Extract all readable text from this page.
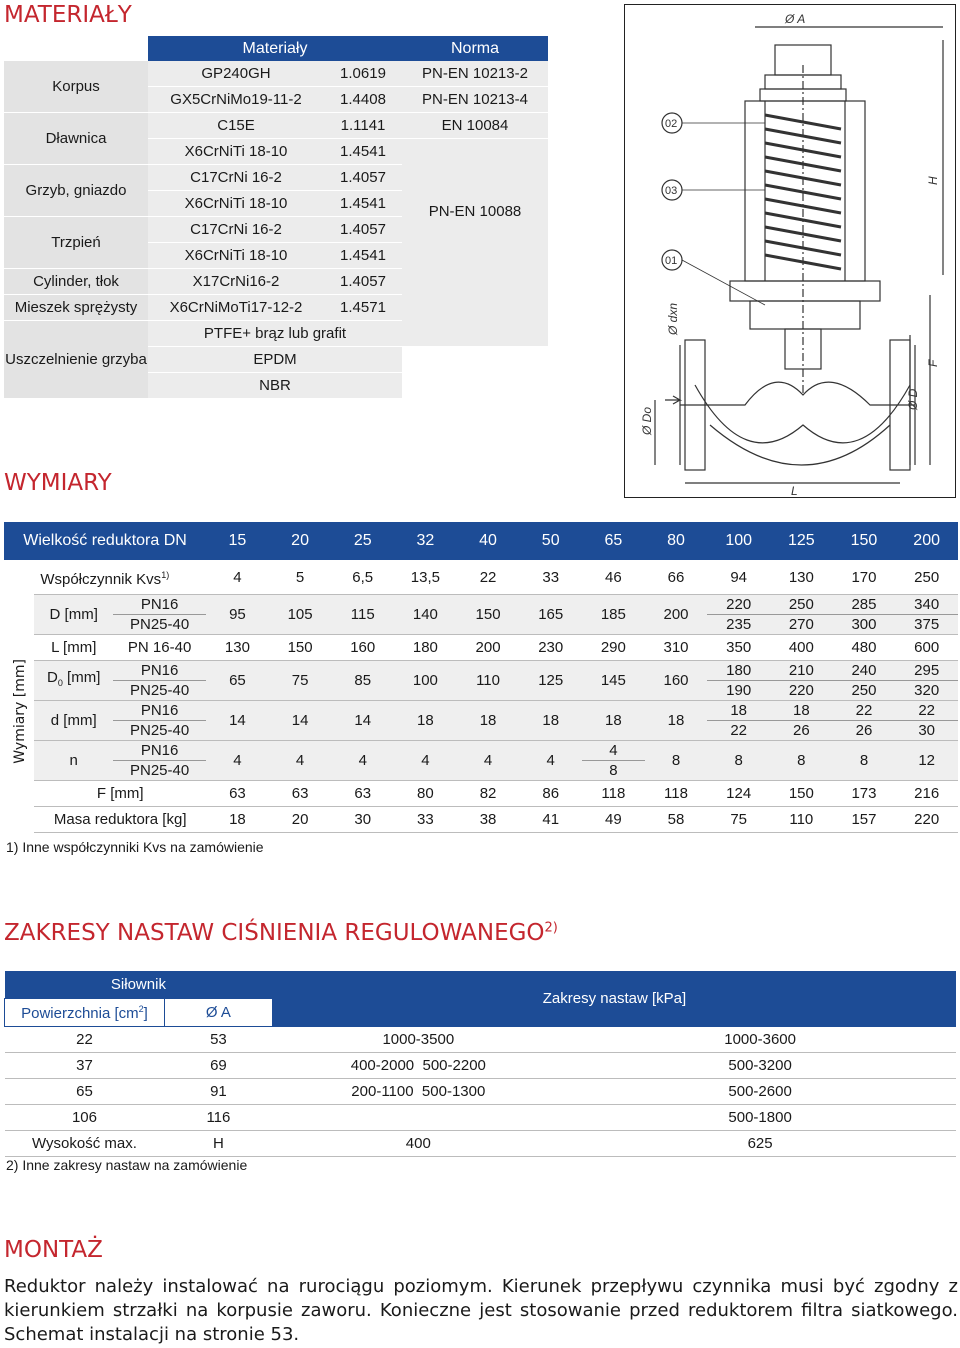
MATERIAŁY
	Materiały		Norma
Korpus	GP240GH	1.0619	PN-EN 10213-2
	GX5CrNiMo19-11-2	1.4408	PN-EN 10213-4
Dławnica	C15E	1.1141	EN 10084
	X6CrNiTi 18-10	1.4541	PN-EN 10088
Grzyb, gniazdo	C17CrNi 16-2	1.4057	
	X6CrNiTi 18-10	1.4541	
Trzpień	C17CrNi 16-2	1.4057	
	X6CrNiTi 18-10	1.4541	
Cylinder, tłok	X17CrNi16-2	1.4057	
Mieszek sprężysty	X6CrNiMoTi17-12-2	1.4571	
Uszczelnienie grzyba	PTFE+ brąz lub grafit		
	EPDM		
	NBR		
Ø A
H
F
Ø D
Ø Do
Ø dxn
L
02
03
01
WYMIARY
Wielkość reduktora DN			15	20	25	32	40	50	65	80	100	125	150	200
	Współczynnik Kvs$^{1)}$		4	5	6,5	13,5	22	33	46	66	94	130	170	250
	D [mm]	PN16	95	105	115	140	150	165	185	200	220	250	285	340
		PN25-40									235	270	300	375
	L [mm]	PN 16-40	130	150	160	180	200	230	290	310	350	400	480	600
	$D_0$ [mm]	PN16	65	75	85	100	110	125	145	160	180	210	240	295
		PN25-40									190	220	250	320
	d [mm]	PN16	14	14	14	18	18	18	18	18	18	18	22	22
		PN25-40									22	26	26	30
	n	PN16	4	4	4	4	4	4	4	8	8	8	8	12
		PN25-40							8					
	F [mm]		63	63	63	80	82	86	118	118	124	150	173	216
	Masa reduktora [kg]		18	20	30	33	38	41	49	58	75	110	157	220
Wymiary [mm]
1) Inne współczynniki Kvs na zamówienie
ZAKRESY NASTAW CIŚNIENIA REGULOWANEGO$^{2)}$
Siłownik		Zakresy nastaw [kPa]	
Powierzchnia $[cm^2]$	Ø A		
22	53	1000-3500	1000-3600
37	69	400-2000 500-2200	500-3200
65	91	200-1100 500-1300	500-2600
106	116		500-1800
Wysokość max.	H	400	625
2) Inne zakresy nastaw na zamówienie
MONTAŻ

Reduktor należy instalować na rurociągu poziomym. Kierunek przepływu czynnika musi być zgodny z kierunkiem strzałki na korpusie zaworu. Konieczne jest stosowanie przed reduktorem filtra siatkowego. Schemat instalacji na stronie 53.
